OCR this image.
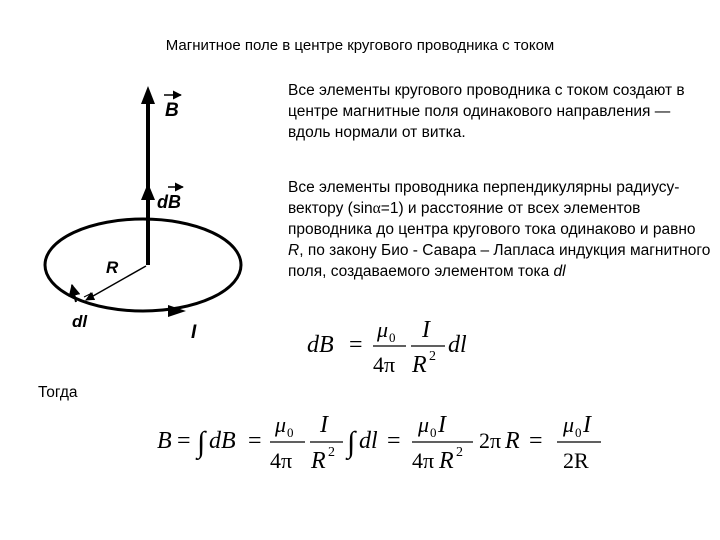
Магнитное поле в центре кругового проводника с током
Все элементы кругового проводника с током создают в центре магнитные поля одинакового направления — вдоль нормали от витка.
Все элементы проводника перпендикулярны радиусу-вектору (sinα=1) и расстояние от всех элементов проводника до центра кругового тока одинаково и равно R, по закону Био - Савара – Лапласа индукция магнитного поля, создаваемого элементом тока dl
Тогда
B
dB
R
dl
I	dB =
μ 0
4π
I
R 2 dl
B = ∫ dB =
μ 0
4π
I
R 2 ∫ dl =
μ 0 I
4π R 2 2π R =
μ 0 I
2R
